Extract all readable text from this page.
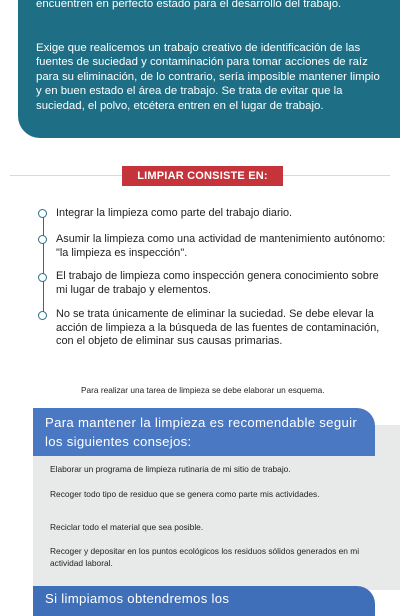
encuentren en perfecto estado para el desarrollo del trabajo.

Exige que realicemos un trabajo creativo de identificación de las fuentes de suciedad y contaminación para tomar acciones de raíz para su eliminación, de lo contrario, sería imposible mantener limpio y en buen estado el área de trabajo. Se trata de evitar que la suciedad, el polvo, etcétera entren en el lugar de trabajo.

LIMPIAR CONSISTE EN:

Integrar la limpieza como parte del trabajo diario.

Asumir la limpieza como una actividad de mantenimiento autónomo: "la limpieza es inspección".

El trabajo de limpieza como inspección genera conocimiento sobre mi lugar de trabajo y elementos.

No se trata únicamente de eliminar la suciedad. Se debe elevar la acción de limpieza a la búsqueda de las fuentes de contaminación, con el objeto de eliminar sus causas primarias.

Para realizar una tarea de limpieza se debe elaborar un esquema.

Para mantener la limpieza es recomendable seguir los siguientes consejos:

Elaborar un programa de limpieza rutinaria de mi sitio de trabajo.

Recoger todo tipo de residuo que se genera como parte mis actividades.

Reciclar todo el material que sea posible.

Recoger y depositar en los puntos ecológicos los residuos sólidos generados en mi actividad laboral.

Si limpiamos obtendremos los
